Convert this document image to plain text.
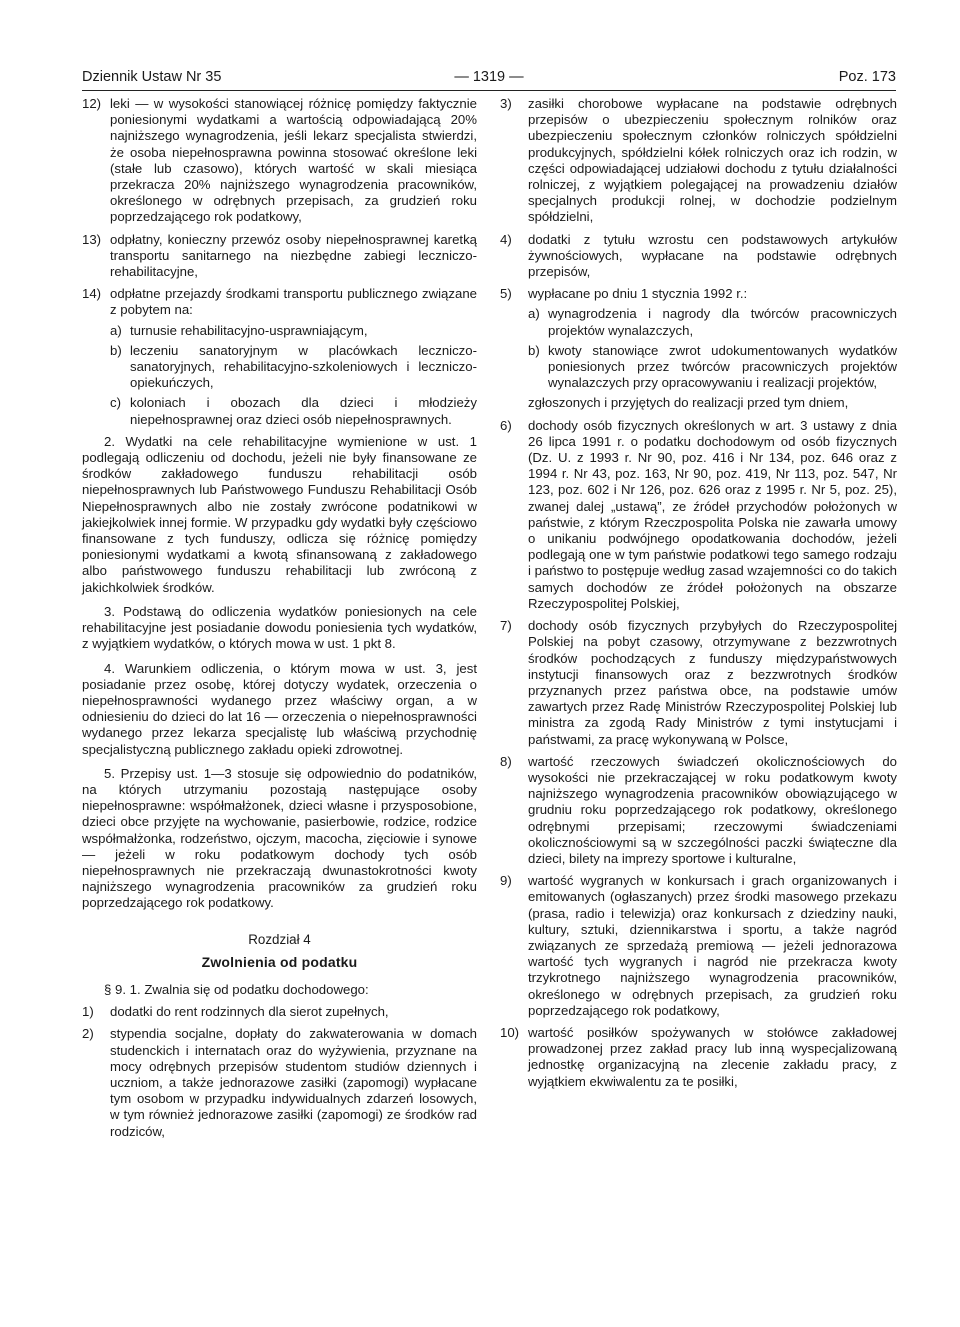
Dziennik Ustaw Nr 35	— 1319 —	Poz. 173
12) leki — w wysokości stanowiącej różnicę pomiędzy faktycznie poniesionymi wydatkami a wartością odpowiadającą 20% najniższego wynagrodzenia, jeśli lekarz specjalista stwierdzi, że osoba niepełnosprawna powinna stosować określone leki (stałe lub czasowo), których wartość w skali miesiąca przekracza 20% najniższego wynagrodzenia pracowników, określonego w odrębnych przepisach, za grudzień roku poprzedzającego rok podatkowy,
13) odpłatny, konieczny przewóz osoby niepełnosprawnej karetką transportu sanitarnego na niezbędne zabiegi leczniczo-rehabilitacyjne,
14) odpłatne przejazdy środkami transportu publicznego związane z pobytem na:
a) turnusie rehabilitacyjno-usprawniającym,
b) leczeniu sanatoryjnym w placówkach leczniczo-sanatoryjnych, rehabilitacyjno-szkoleniowych i leczniczo-opiekuńczych,
c) koloniach i obozach dla dzieci i młodzieży niepełnosprawnej oraz dzieci osób niepełnosprawnych.

2. Wydatki na cele rehabilitacyjne wymienione w ust. 1 podlegają odliczeniu od dochodu, jeżeli nie były finansowane ze środków zakładowego funduszu rehabilitacji osób niepełnosprawnych lub Państwowego Funduszu Rehabilitacji Osób Niepełnosprawnych albo nie zostały zwrócone podatnikowi w jakiejkolwiek innej formie. W przypadku gdy wydatki były częściowo finansowane z tych funduszy, odlicza się różnicę pomiędzy poniesionymi wydatkami a kwotą sfinansowaną z zakładowego albo państwowego funduszu rehabilitacji lub zwróconą z jakichkolwiek środków.

3. Podstawą do odliczenia wydatków poniesionych na cele rehabilitacyjne jest posiadanie dowodu poniesienia tych wydatków, z wyjątkiem wydatków, o których mowa w ust. 1 pkt 8.

4. Warunkiem odliczenia, o którym mowa w ust. 3, jest posiadanie przez osobę, której dotyczy wydatek, orzeczenia o niepełnosprawności wydanego przez właściwy organ, a w odniesieniu do dzieci do lat 16 — orzeczenia o niepełnosprawności wydanego przez lekarza specjalistę lub właściwą przychodnię specjalistyczną publicznego zakładu opieki zdrowotnej.

5. Przepisy ust. 1—3 stosuje się odpowiednio do podatników, na których utrzymaniu pozostają następujące osoby niepełnosprawne: współmałżonek, dzieci własne i przysposobione, dzieci obce przyjęte na wychowanie, pasierbowie, rodzice, rodzice współmałżonka, rodzeństwo, ojczym, macocha, zięciowie i synowe — jeżeli w roku podatkowym dochody tych osób niepełnosprawnych nie przekraczają dwunastokrotności kwoty najniższego wynagrodzenia pracowników za grudzień roku poprzedzającego rok podatkowy.

Rozdział 4
Zwolnienia od podatku

§ 9. 1. Zwalnia się od podatku dochodowego:

1) dodatki do rent rodzinnych dla sierot zupełnych,
2) stypendia socjalne, dopłaty do zakwaterowania w domach studenckich i internatach oraz do wyżywienia, przyznane na mocy odrębnych przepisów studentom studiów dziennych i uczniom, a także jednorazowe zasiłki (zapomogi) wypłacane tym osobom w przypadku indywidualnych zdarzeń losowych, w tym również jednorazowe zasiłki (zapomogi) ze środków rad rodziców,
3) zasiłki chorobowe wypłacane na podstawie odrębnych przepisów o ubezpieczeniu społecznym rolników oraz ubezpieczeniu społecznym członków rolniczych spółdzielni produkcyjnych, spółdzielni kółek rolniczych oraz ich rodzin, w części odpowiadającej udziałowi dochodu z tytułu działalności rolniczej, z wyjątkiem polegającej na prowadzeniu działów specjalnych produkcji rolnej, w dochodzie podzielnym spółdzielni,
4) dodatki z tytułu wzrostu cen podstawowych artykułów żywnościowych, wypłacane na podstawie odrębnych przepisów,
5) wypłacane po dniu 1 stycznia 1992 r.:
a) wynagrodzenia i nagrody dla twórców pracowniczych projektów wynalazczych,
b) kwoty stanowiące zwrot udokumentowanych wydatków poniesionych przez twórców pracowniczych projektów wynalazczych przy opracowywaniu i realizacji projektów,
zgłoszonych i przyjętych do realizacji przed tym dniem,
6) dochody osób fizycznych określonych w art. 3 ustawy z dnia 26 lipca 1991 r. o podatku dochodowym od osób fizycznych (Dz. U. z 1993 r. Nr 90, poz. 416 i Nr 134, poz. 646 oraz z 1994 r. Nr 43, poz. 163, Nr 90, poz. 419, Nr 113, poz. 547, Nr 123, poz. 602 i Nr 126, poz. 626 oraz z 1995 r. Nr 5, poz. 25), zwanej dalej „ustawą”, ze źródeł przychodów położonych w państwie, z którym Rzeczpospolita Polska nie zawarła umowy o unikaniu podwójnego opodatkowania dochodów, jeżeli podlegają one w tym państwie podatkowi tego samego rodzaju i państwo to postępuje według zasad wzajemności co do takich samych dochodów ze źródeł położonych na obszarze Rzeczypospolitej Polskiej,
7) dochody osób fizycznych przybyłych do Rzeczypospolitej Polskiej na pobyt czasowy, otrzymywane z bezzwrotnych środków pochodzących z funduszy międzypaństwowych instytucji finansowych oraz z bezzwrotnych środków przyznanych przez państwa obce, na podstawie umów zawartych przez Radę Ministrów Rzeczypospolitej Polskiej lub ministra za zgodą Rady Ministrów z tymi instytucjami i państwami, za pracę wykonywaną w Polsce,
8) wartość rzeczowych świadczeń okolicznościowych do wysokości nie przekraczającej w roku podatkowym kwoty najniższego wynagrodzenia pracowników obowiązującego w grudniu roku poprzedzającego rok podatkowy, określonego odrębnymi przepisami; rzeczowymi świadczeniami okolicznościowymi są w szczególności paczki świąteczne dla dzieci, bilety na imprezy sportowe i kulturalne,
9) wartość wygranych w konkursach i grach organizowanych i emitowanych (ogłaszanych) przez środki masowego przekazu (prasa, radio i telewizja) oraz konkursach z dziedziny nauki, kultury, sztuki, dziennikarstwa i sportu, a także nagród związanych ze sprzedażą premiową — jeżeli jednorazowa wartość tych wygranych i nagród nie przekracza kwoty trzykrotnego najniższego wynagrodzenia pracowników, określonego w odrębnych przepisach, za grudzień roku poprzedzającego rok podatkowy,
10) wartość posiłków spożywanych w stołówce zakładowej prowadzonej przez zakład pracy lub inną wyspecjalizowaną jednostkę organizacyjną na zlecenie zakładu pracy, z wyjątkiem ekwiwalentu za te posiłki,
